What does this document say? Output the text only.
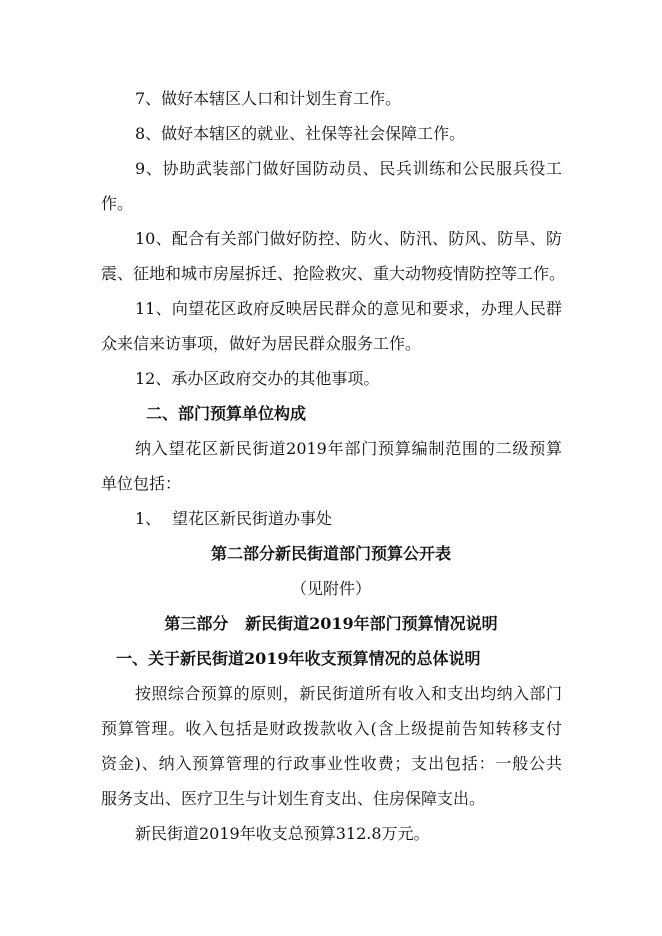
7、做好本辖区人口和计划生育工作。
8、做好本辖区的就业、社保等社会保障工作。
9、协助武装部门做好国防动员、民兵训练和公民服兵役工
作。
10、配合有关部门做好防控、防火、防汛、防风、防旱、防
震、征地和城市房屋拆迁、抢险救灾、重大动物疫情防控等工作。
11、向望花区政府反映居民群众的意见和要求，办理人民群
众来信来访事项，做好为居民群众服务工作。
12、承办区政府交办的其他事项。
二、部门预算单位构成
纳入望花区新民街道2019年部门预算编制范围的二级预算
单位包括：
1、 望花区新民街道办事处
第二部分新民街道部门预算公开表
（见附件）
第三部分   新民街道2019年部门预算情况说明
一、关于新民街道2019年收支预算情况的总体说明
按照综合预算的原则，新民街道所有收入和支出均纳入部门
预算管理。收入包括是财政拨款收入(含上级提前告知转移支付
资金)、纳入预算管理的行政事业性收费；支出包括：一般公共
服务支出、医疗卫生与计划生育支出、住房保障支出。
新民街道2019年收支总预算312.8万元。
